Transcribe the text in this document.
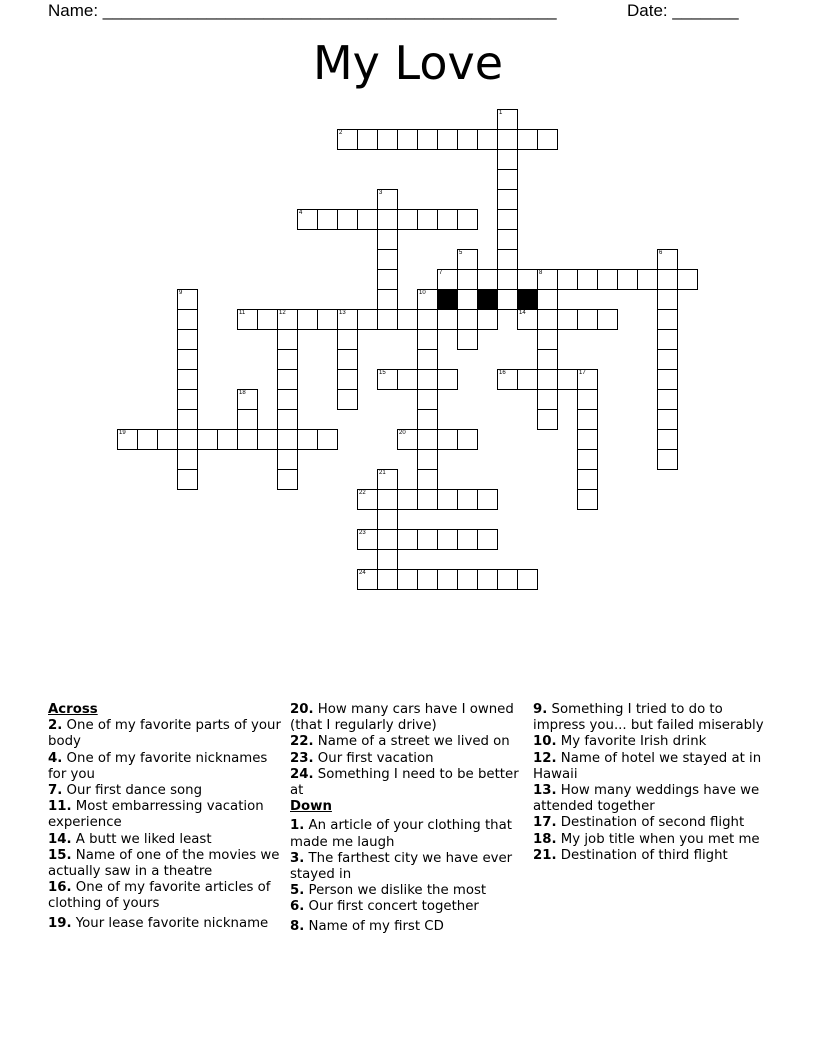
Name: ________________________________________________	Date: _______
My Love
1
2
3
4
5	6
7	8
9	10
11	12	13	14
15	16	17
18
19	20
21
22
23
24
Across
2. One of my favorite parts of your body
4. One of my favorite nicknames for you
7. Our first dance song
11. Most embarressing vacation experience
14. A butt we liked least
15. Name of one of the movies we actually saw in a theatre
16. One of my favorite articles of clothing of yours
19. Your lease favorite nickname
20. How many cars have I owned (that I regularly drive)
22. Name of a street we lived on
23. Our first vacation
24. Something I need to be better at
Down
1. An article of your clothing that made me laugh
3. The farthest city we have ever stayed in
5. Person we dislike the most
6. Our first concert together
8. Name of my first CD
9. Something I tried to do to impress you... but failed miserably
10. My favorite Irish drink
12. Name of hotel we stayed at in Hawaii
13. How many weddings have we attended together
17. Destination of second flight
18. My job title when you met me
21. Destination of third flight
